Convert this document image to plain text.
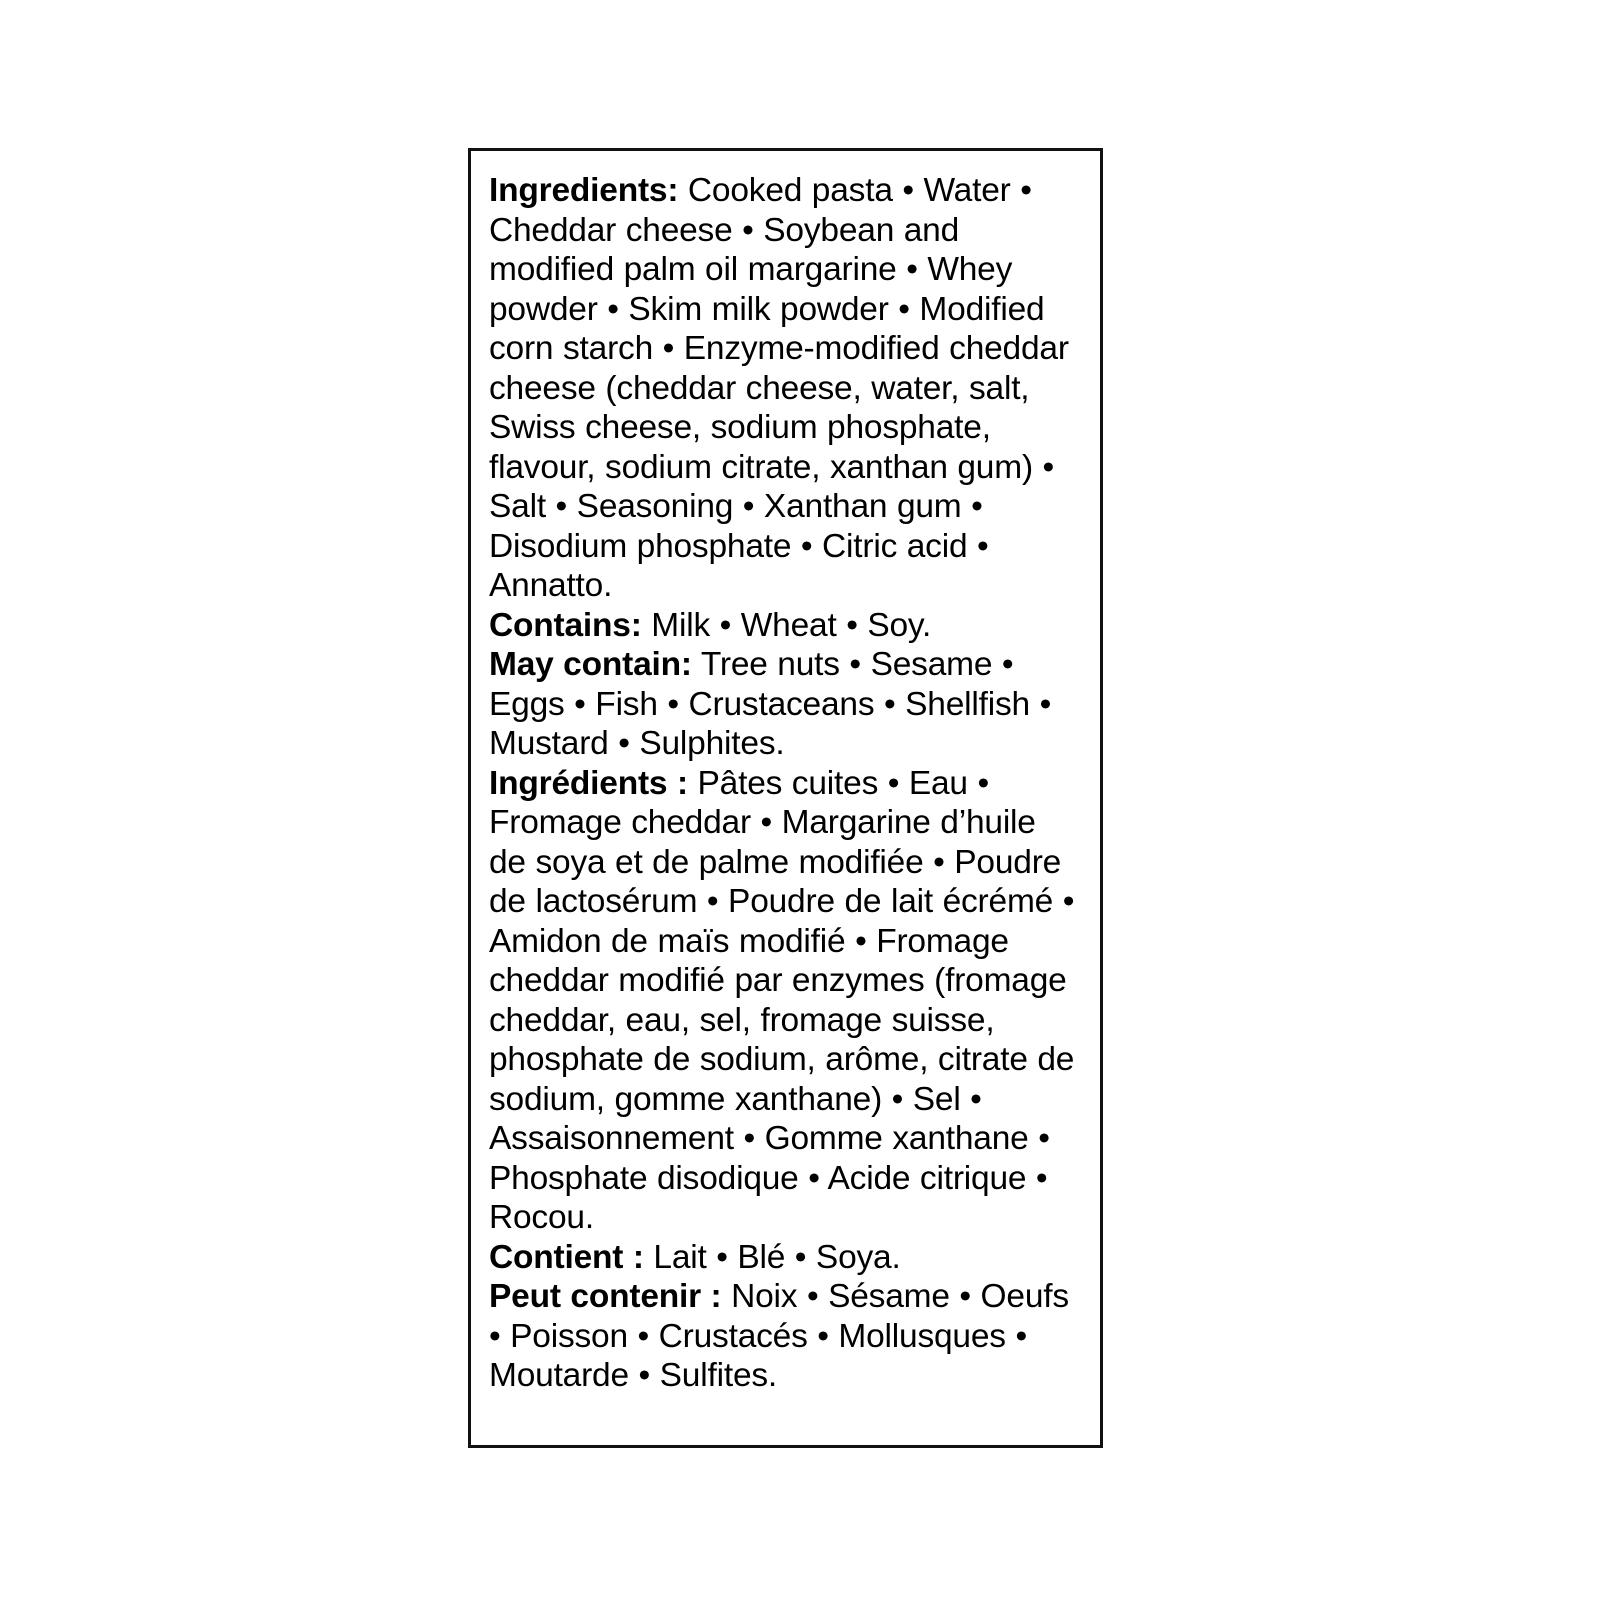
Ingredients: Cooked pasta • Water • Cheddar cheese • Soybean and modified palm oil margarine • Whey powder • Skim milk powder • Modified corn starch • Enzyme-modified cheddar cheese (cheddar cheese, water, salt, Swiss cheese, sodium phosphate, flavour, sodium citrate, xanthan gum) • Salt • Seasoning • Xanthan gum • Disodium phosphate • Citric acid • Annatto.

Contains: Milk • Wheat • Soy.

May contain: Tree nuts • Sesame • Eggs • Fish • Crustaceans • Shellfish • Mustard • Sulphites.

Ingrédients : Pâtes cuites • Eau • Fromage cheddar • Margarine d’huile de soya et de palme modifiée • Poudre de lactosérum • Poudre de lait écrémé • Amidon de maïs modifié • Fromage cheddar modifié par enzymes (fromage cheddar, eau, sel, fromage suisse, phosphate de sodium, arôme, citrate de sodium, gomme xanthane) • Sel • Assaisonnement • Gomme xanthane • Phosphate disodique • Acide citrique • Rocou.

Contient : Lait • Blé • Soya.

Peut contenir : Noix • Sésame • Oeufs • Poisson • Crustacés • Mollusques • Moutarde • Sulfites.
